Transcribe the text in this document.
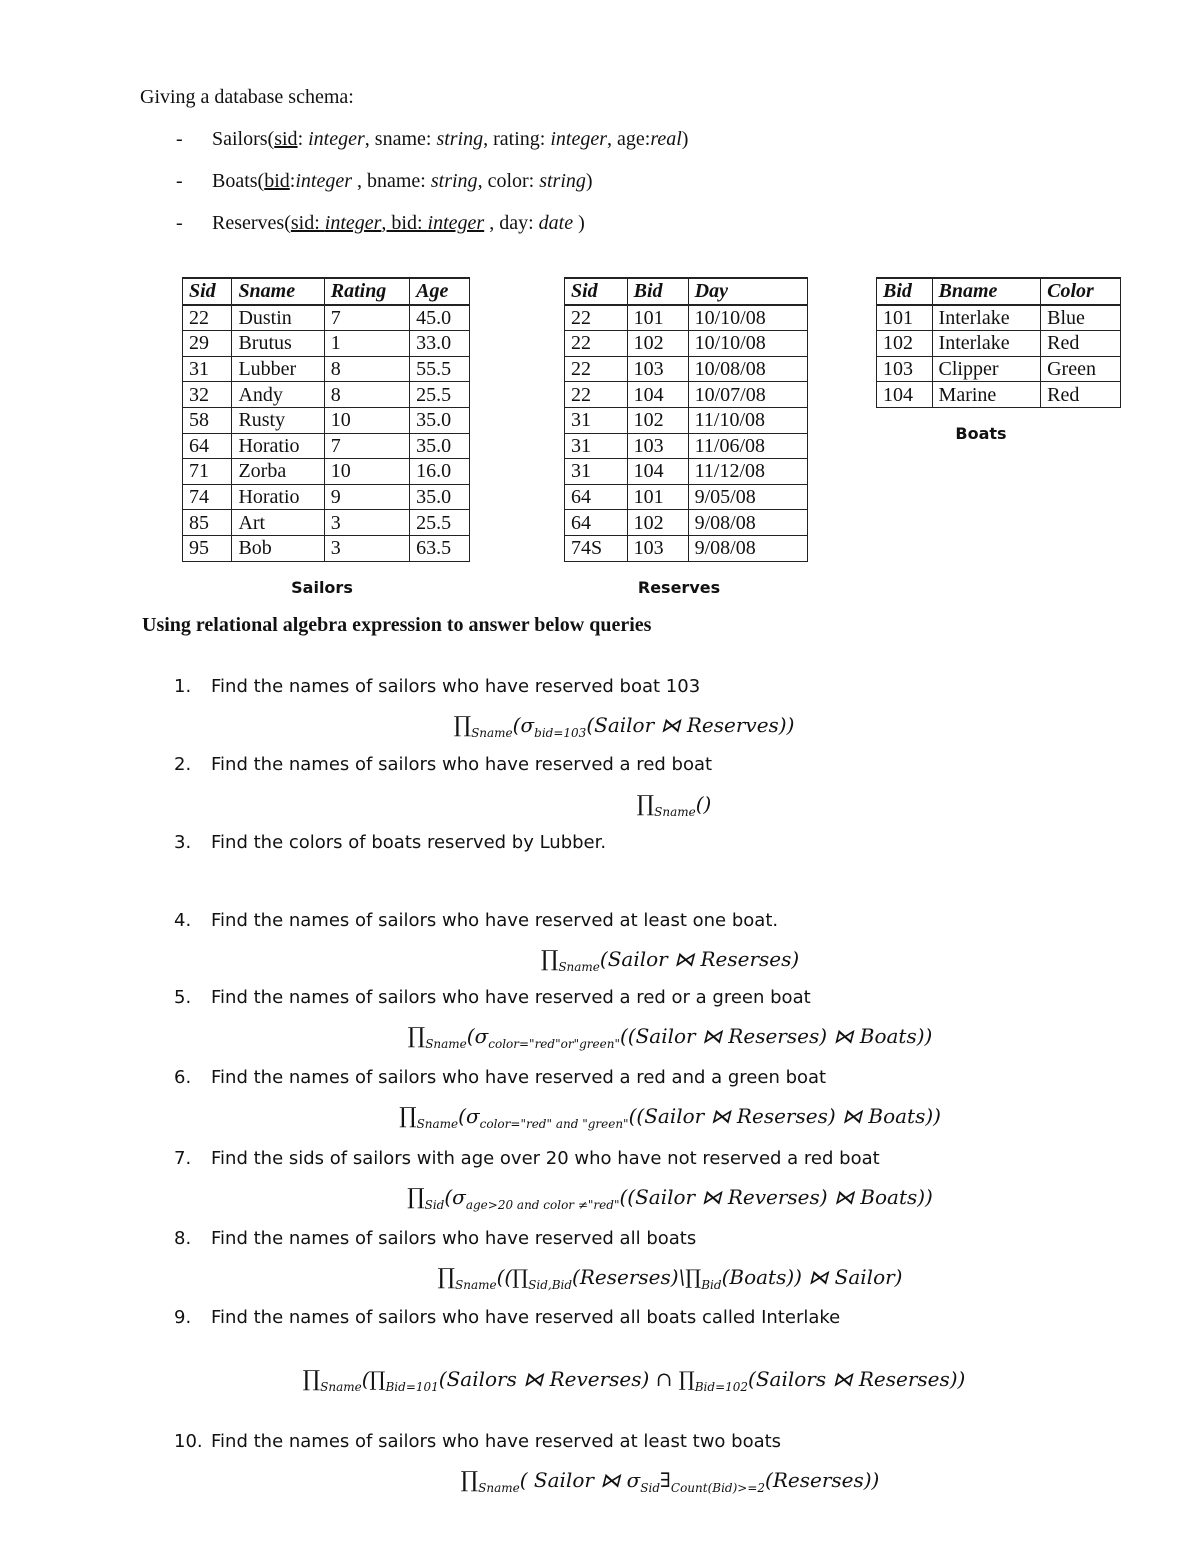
Giving a database schema:
- Sailors(sid: integer, sname: string, rating: integer, age:real)
- Boats(bid:integer , bname: string, color: string)
- Reserves(sid: integer, bid: integer , day: date )
Sid	Sname	Rating	Age
22	Dustin	7	45.0
29	Brutus	1	33.0
31	Lubber	8	55.5
32	Andy	8	25.5
58	Rusty	10	35.0
64	Horatio	7	35.0
71	Zorba	10	16.0
74	Horatio	9	35.0
85	Art	3	25.5
95	Bob	3	63.5
Sailors
Sid	Bid	Day
22	101	10/10/08
22	102	10/10/08
22	103	10/08/08
22	104	10/07/08
31	102	11/10/08
31	103	11/06/08
31	104	11/12/08
64	101	9/05/08
64	102	9/08/08
74S	103	9/08/08
Reserves
Bid	Bname	Color
101	Interlake	Blue
102	Interlake	Red
103	Clipper	Green
104	Marine	Red
Boats
Using relational algebra expression to answer below queries
1. Find the names of sailors who have reserved boat 103
2. Find the names of sailors who have reserved a red boat
3. Find the colors of boats reserved by Lubber.
4. Find the names of sailors who have reserved at least one boat.
5. Find the names of sailors who have reserved a red or a green boat
6. Find the names of sailors who have reserved a red and a green boat
7. Find the sids of sailors with age over 20 who have not reserved a red boat
8. Find the names of sailors who have reserved all boats
9. Find the names of sailors who have reserved all boats called Interlake
10. Find the names of sailors who have reserved at least two boats
$\prod_{Sname}(\sigma_{bid=103}(Sailor$ ⋈ Reserves))
$\prod_{Sname}()$
$\prod_{Sname}(Sailor$ ⋈ Reserses)
$\prod_{Sname}(\sigma_{color="red"or"green"}((Sailor$ ⋈ Reserses) ⋈ Boats))
$\prod_{Sname}(\sigma_{color="red" and "green"}((Sailor$ ⋈ Reserses) ⋈ Boats))
$\prod_{Sid}(\sigma_{age>20 and color \ne"red"}((Sailor$ ⋈ Reverses) ⋈ Boats))
$\prod_{Sname}((\prod_{Sid,Bid}(Reserses)\backslash\prod_{Bid}(Boats))$ ⋈ Sailor)
$\prod_{Sname}(\prod_{Bid=101}(Sailors$ ⋈ Reverses) ∩ $\prod_{Bid=102}(Sailors$ ⋈ Reserses))
$\prod_{Sname}$( Sailor ⋈ $\sigma_{Sid}\exists_{Count(Bid)>=2}(Reserses)$)
